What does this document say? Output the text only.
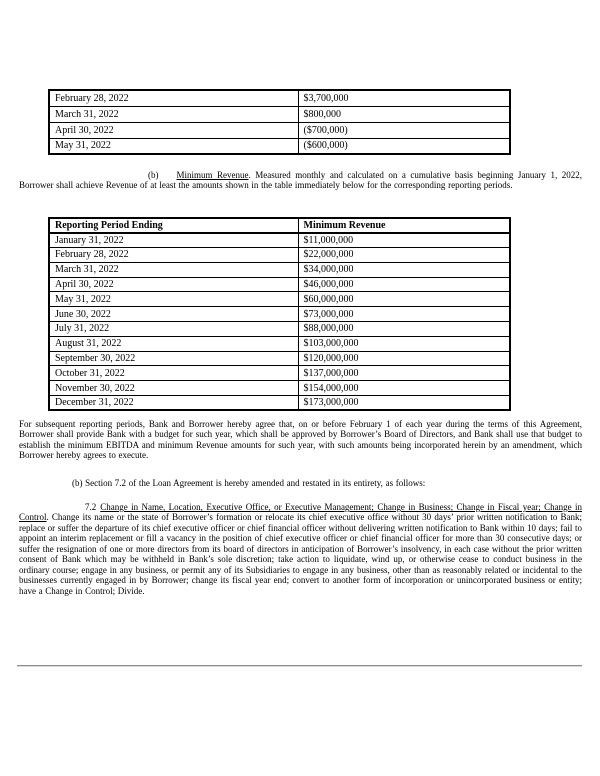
February 28, 2022	$3,700,000
March 31, 2022	$800,000
April 30, 2022	($700,000)
May 31, 2022	($600,000)

(b) Minimum Revenue. Measured monthly and calculated on a cumulative basis beginning January 1, 2022, Borrower shall achieve Revenue of at least the amounts shown in the table immediately below for the corresponding reporting periods.

Reporting Period Ending	Minimum Revenue
January 31, 2022	$11,000,000
February 28, 2022	$22,000,000
March 31, 2022	$34,000,000
April 30, 2022	$46,000,000
May 31, 2022	$60,000,000
June 30, 2022	$73,000,000
July 31, 2022	$88,000,000
August 31, 2022	$103,000,000
September 30, 2022	$120,000,000
October 31, 2022	$137,000,000
November 30, 2022	$154,000,000
December 31, 2022	$173,000,000

For subsequent reporting periods, Bank and Borrower hereby agree that, on or before February 1 of each year during the terms of this Agreement, Borrower shall provide Bank with a budget for such year, which shall be approved by Borrower’s Board of Directors, and Bank shall use that budget to establish the minimum EBITDA and minimum Revenue amounts for such year, with such amounts being incorporated herein by an amendment, which Borrower hereby agrees to execute.

(b) Section 7.2 of the Loan Agreement is hereby amended and restated in its entirety, as follows:

7.2 Change in Name, Location, Executive Office, or Executive Management; Change in Business; Change in Fiscal year; Change in Control. Change its name or the state of Borrower’s formation or relocate its chief executive office without 30 days’ prior written notification to Bank; replace or suffer the departure of its chief executive officer or chief financial officer without delivering written notification to Bank within 10 days; fail to appoint an interim replacement or fill a vacancy in the position of chief executive officer or chief financial officer for more than 30 consecutive days; or suffer the resignation of one or more directors from its board of directors in anticipation of Borrower’s insolvency, in each case without the prior written consent of Bank which may be withheld in Bank’s sole discretion; take action to liquidate, wind up, or otherwise cease to conduct business in the ordinary course; engage in any business, or permit any of its Subsidiaries to engage in any business, other than as reasonably related or incidental to the businesses currently engaged in by Borrower; change its fiscal year end; convert to another form of incorporation or unincorporated business or entity; have a Change in Control; Divide.
